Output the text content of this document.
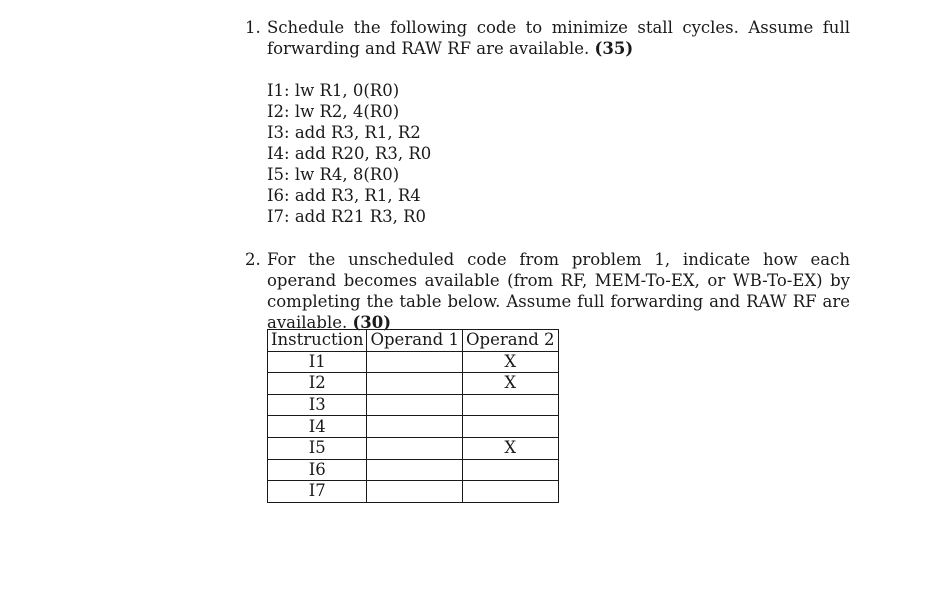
1. Schedule the following code to minimize stall cycles. Assume full forwarding and RAW RF are available. (35)
I1: lw R1, 0(R0)
I2: lw R2, 4(R0)
I3: add R3, R1, R2
I4: add R20, R3, R0
I5: lw R4, 8(R0)
I6: add R3, R1, R4
I7: add R21 R3, R0
2. For the unscheduled code from problem 1, indicate how each operand becomes available (from RF, MEM-To-EX, or WB-To-EX) by completing the table below. Assume full forwarding and RAW RF are available. (30)
Instruction	Operand 1	Operand 2
I1		X
I2		X
I3		
I4		
I5		X
I6		
I7		
